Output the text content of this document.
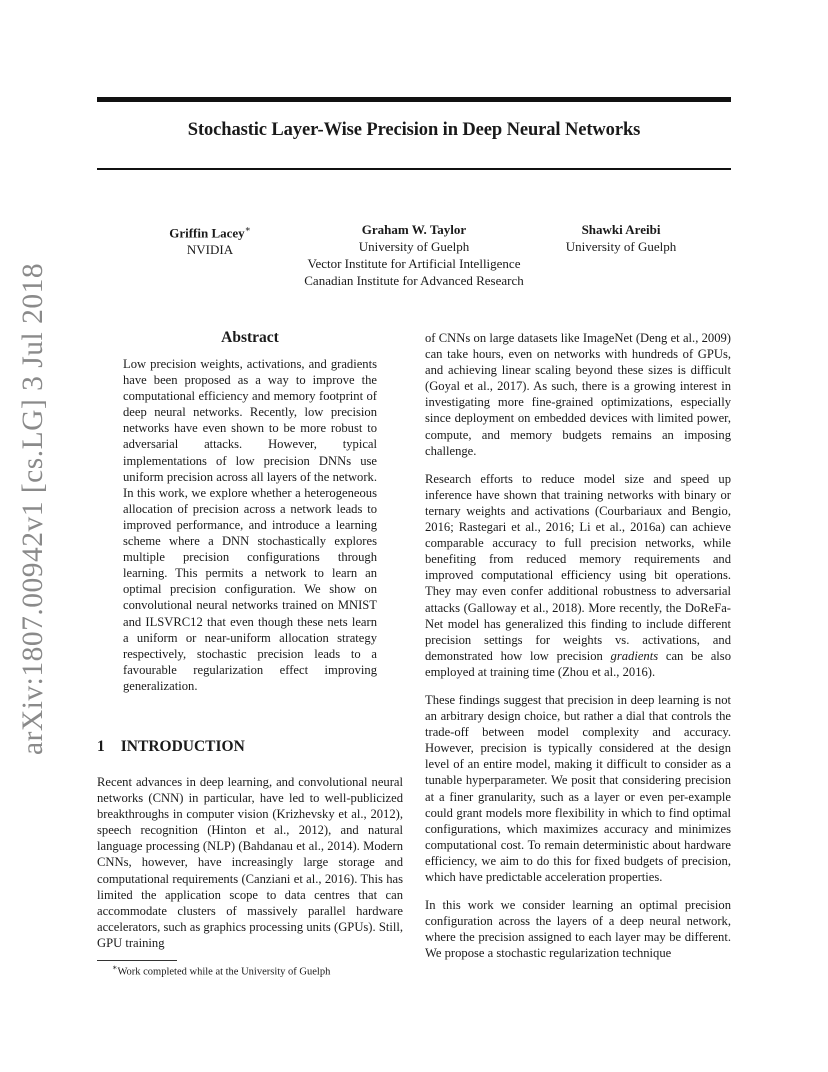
Stochastic Layer-Wise Precision in Deep Neural Networks
Griffin Lacey∗
NVIDIA
Graham W. Taylor
University of Guelph
Vector Institute for Artificial Intelligence
Canadian Institute for Advanced Research
Shawki Areibi
University of Guelph
arXiv:1807.00942v1 [cs.LG] 3 Jul 2018	Abstract

Low precision weights, activations, and gradients have been proposed as a way to improve the computational efficiency and memory footprint of deep neural networks. Recently, low precision networks have even shown to be more robust to adversarial attacks. However, typical implementations of low precision DNNs use uniform precision across all layers of the network. In this work, we explore whether a heterogeneous allocation of precision across a network leads to improved performance, and introduce a learning scheme where a DNN stochastically explores multiple precision configurations through learning. This permits a network to learn an optimal precision configuration. We show on convolutional neural networks trained on MNIST and ILSVRC12 that even though these nets learn a uniform or near-uniform allocation strategy respectively, stochastic precision leads to a favourable regularization effect improving generalization.

1 INTRODUCTION

Recent advances in deep learning, and convolutional neural networks (CNN) in particular, have led to well-publicized breakthroughs in computer vision (Krizhevsky et al., 2012), speech recognition (Hinton et al., 2012), and natural language processing (NLP) (Bahdanau et al., 2014). Modern CNNs, however, have increasingly large storage and computational requirements (Canziani et al., 2016). This has limited the application scope to data centres that can accommodate clusters of massively parallel hardware accelerators, such as graphics processing units (GPUs). Still, GPU training

∗Work completed while at the University of Guelph

of CNNs on large datasets like ImageNet (Deng et al., 2009) can take hours, even on networks with hundreds of GPUs, and achieving linear scaling beyond these sizes is difficult (Goyal et al., 2017). As such, there is a growing interest in investigating more fine-grained optimizations, especially since deployment on embedded devices with limited power, compute, and memory budgets remains an imposing challenge.

Research efforts to reduce model size and speed up inference have shown that training networks with binary or ternary weights and activations (Courbariaux and Bengio, 2016; Rastegari et al., 2016; Li et al., 2016a) can achieve comparable accuracy to full precision networks, while benefiting from reduced memory requirements and improved computational efficiency using bit operations. They may even confer additional robustness to adversarial attacks (Galloway et al., 2018). More recently, the DoReFa-Net model has generalized this finding to include different precision settings for weights vs. activations, and demonstrated how low precision gradients can be also employed at training time (Zhou et al., 2016).

These findings suggest that precision in deep learning is not an arbitrary design choice, but rather a dial that controls the trade-off between model complexity and accuracy. However, precision is typically considered at the design level of an entire model, making it difficult to consider as a tunable hyperparameter. We posit that considering precision at a finer granularity, such as a layer or even per-example could grant models more flexibility in which to find optimal configurations, which maximizes accuracy and minimizes computational cost. To remain deterministic about hardware efficiency, we aim to do this for fixed budgets of precision, which have predictable acceleration properties.

In this work we consider learning an optimal precision configuration across the layers of a deep neural network, where the precision assigned to each layer may be different. We propose a stochastic regularization technique
